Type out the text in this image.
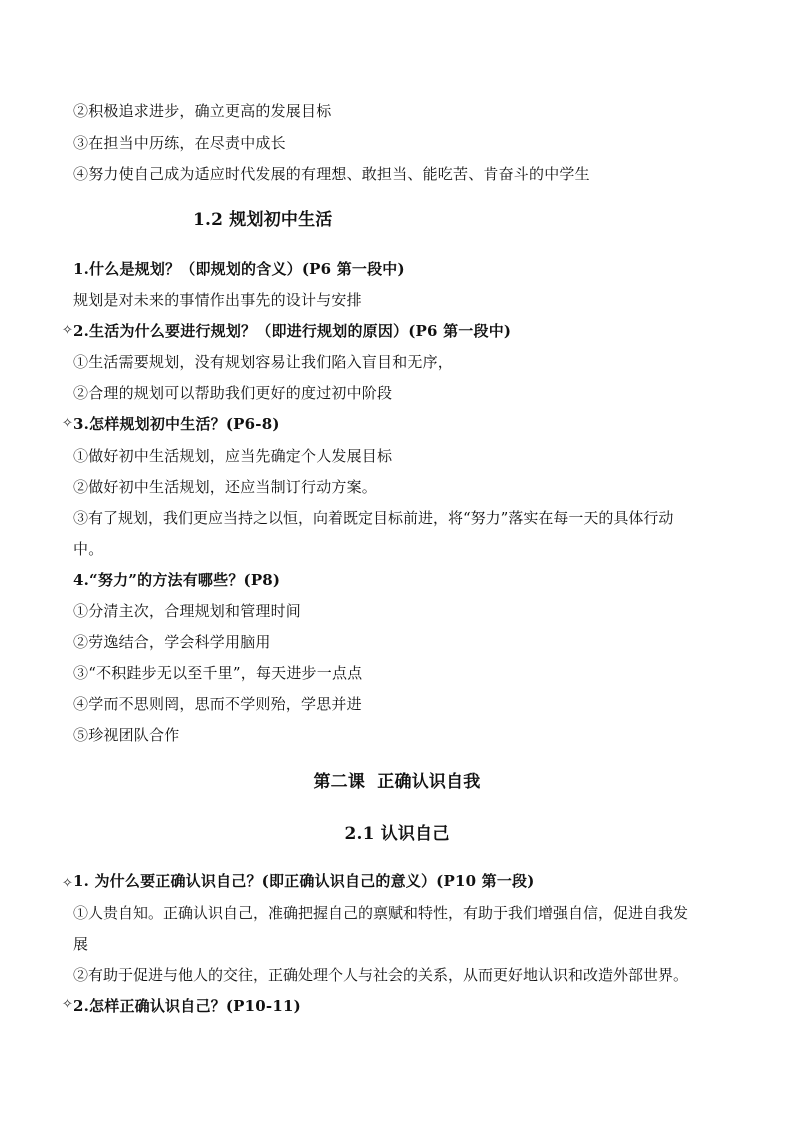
②积极追求进步，确立更高的发展目标
③在担当中历练，在尽责中成长
④努力使自己成为适应时代发展的有理想、敢担当、能吃苦、肯奋斗的中学生
1.2 规划初中生活
1.什么是规划？（即规划的含义）(P6 第一段中)
规划是对未来的事情作出事先的设计与安排
✧ 2.生活为什么要进行规划？（即进行规划的原因）(P6 第一段中)
①生活需要规划，没有规划容易让我们陷入盲目和无序，
②合理的规划可以帮助我们更好的度过初中阶段
✧ 3.怎样规划初中生活？(P6-8)
①做好初中生活规划，应当先确定个人发展目标
②做好初中生活规划，还应当制订行动方案。
③有了规划，我们更应当持之以恒，向着既定目标前进，将“努力”落实在每一天的具体行动
中。
4.“努力”的方法有哪些？(P8)
①分清主次，合理规划和管理时间
②劳逸结合，学会科学用脑用
③“不积跬步无以至千里”，每天进步一点点
④学而不思则罔，思而不学则殆，学思并进
⑤珍视团队合作
第二课  正确认识自我
2.1 认识自己
✧ 1. 为什么要正确认识自己？(即正确认识自己的意义）(P10 第一段)
①人贵自知。正确认识自己，准确把握自己的禀赋和特性，有助于我们增强自信，促进自我发
展
②有助于促进与他人的交往，正确处理个人与社会的关系，从而更好地认识和改造外部世界。
✧ 2.怎样正确认识自己？(P10-11)
